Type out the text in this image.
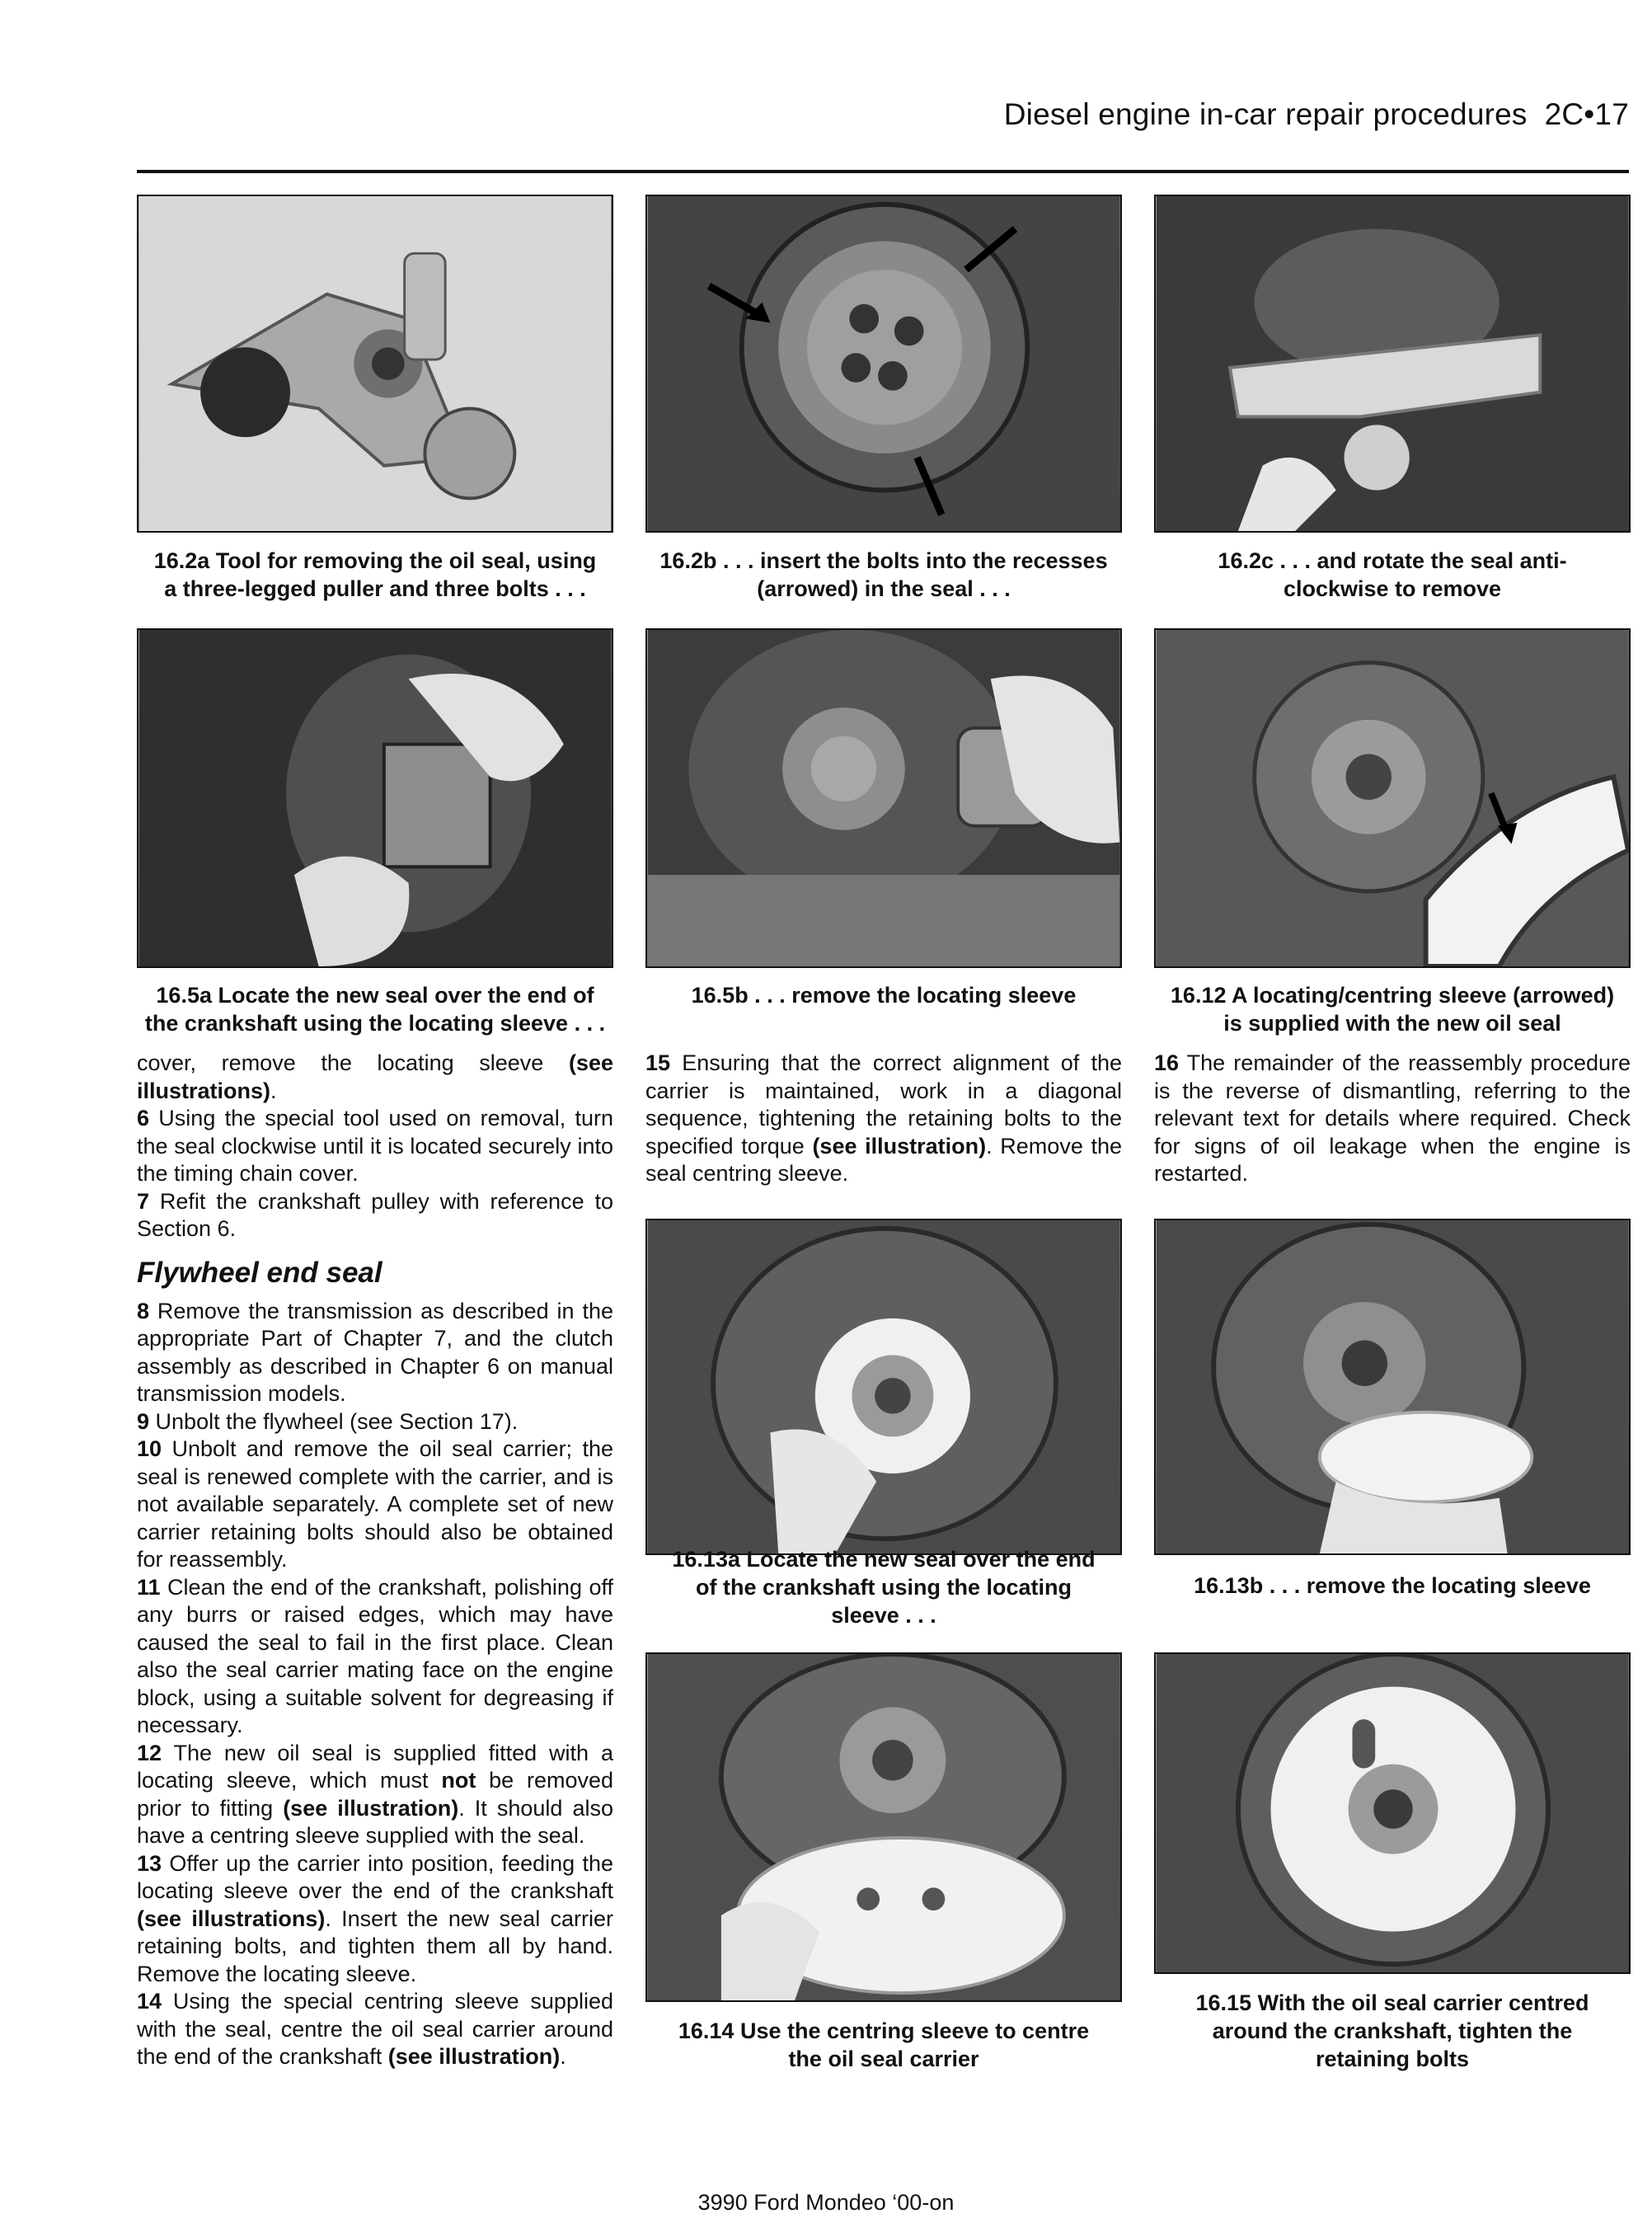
Diesel engine in-car repair procedures 2C•17
16.2a Tool for removing the oil seal, using
a three-legged puller and three bolts . . .
16.2b . . . insert the bolts into the recesses
(arrowed) in the seal . . .
16.2c . . . and rotate the seal anti-
clockwise to remove
16.5a Locate the new seal over the end of
the crankshaft using the locating sleeve . . .
16.5b . . . remove the locating sleeve	16.12 A locating/centring sleeve (arrowed)
is supplied with the new oil seal

cover, remove the locating sleeve (see illustrations).

6 Using the special tool used on removal, turn the seal clockwise until it is located securely into the timing chain cover.

7 Refit the crankshaft pulley with reference to Section 6.

Flywheel end seal

8 Remove the transmission as described in the appropriate Part of Chapter 7, and the clutch assembly as described in Chapter 6 on manual transmission models.

9 Unbolt the flywheel (see Section 17).

10 Unbolt and remove the oil seal carrier; the seal is renewed complete with the carrier, and is not available separately. A complete set of new carrier retaining bolts should also be obtained for reassembly.

11 Clean the end of the crankshaft, polishing off any burrs or raised edges, which may have caused the seal to fail in the first place. Clean also the seal carrier mating face on the engine block, using a suitable solvent for degreasing if necessary.

12 The new oil seal is supplied fitted with a locating sleeve, which must not be removed prior to fitting (see illustration). It should also have a centring sleeve supplied with the seal.

13 Offer up the carrier into position, feeding the locating sleeve over the end of the crankshaft (see illustrations). Insert the new seal carrier retaining bolts, and tighten them all by hand. Remove the locating sleeve.

14 Using the special centring sleeve supplied with the seal, centre the oil seal carrier around the end of the crankshaft (see illustration).

15 Ensuring that the correct alignment of the carrier is maintained, work in a diagonal sequence, tightening the retaining bolts to the specified torque (see illustration). Remove the seal centring sleeve.

16 The remainder of the reassembly procedure is the reverse of dismantling, referring to the relevant text for details where required. Check for signs of oil leakage when the engine is restarted.

16.13a Locate the new seal over the end
of the crankshaft using the locating
sleeve . . .
16.13b . . . remove the locating sleeve
16.14 Use the centring sleeve to centre
the oil seal carrier
16.15 With the oil seal carrier centred
around the crankshaft, tighten the
retaining bolts
3990 Ford Mondeo ‘00-on
